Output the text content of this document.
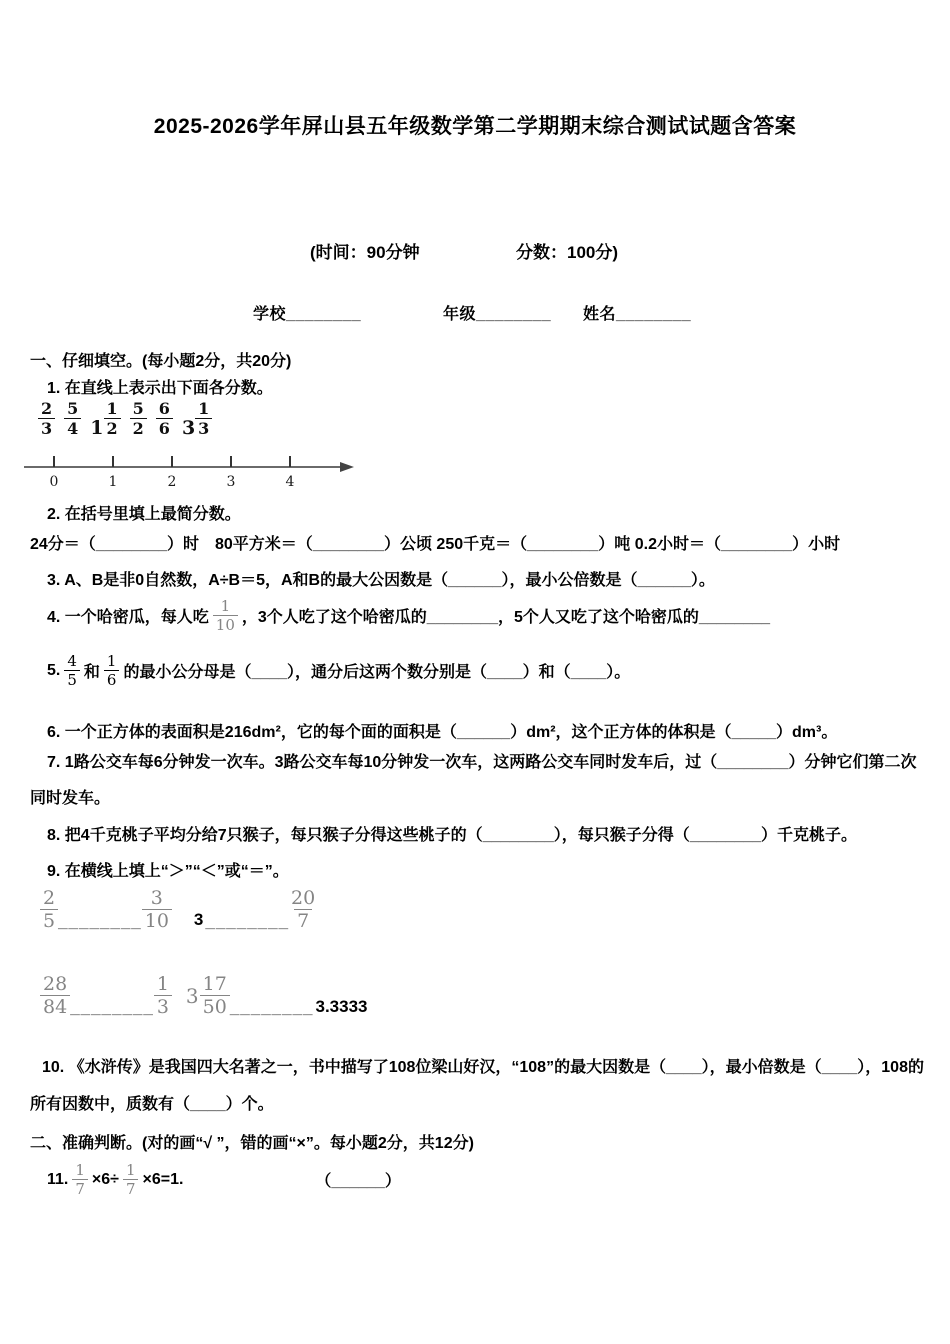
2025-2026学年屏山县五年级数学第二学期期末综合测试试题含答案
(时间：90分钟	分数：100分)
学校________	年级________ 姓名________
一、仔细填空。(每小题2分，共20分)
1. 在直线上表示出下面各分数。
$\frac{2}{3} \frac{5}{4} 1 \frac{1}{2} \frac{5}{2} \frac{6}{6} 3 \frac{1}{3}$
0	1	2	3	4
2. 在括号里填上最简分数。
24分＝（________）时　80平方米＝（________）公顷 250千克＝（________）吨 0.2小时＝（________）小时
3. A、B是非0自然数，A÷B＝5，A和B的最大公因数是（______），最小公倍数是（______）。
4. 一个哈密瓜，每人吃 $\frac{1}{10}$ ，3个人吃了这个哈密瓜的________，5个人又吃了这个哈密瓜的________
5. $\frac{4}{5}$ 和 $\frac{1}{6}$ 的最小公分母是（____），通分后这两个数分别是（____）和（____）。
6. 一个正方体的表面积是216dm²，它的每个面的面积是（______）dm²，这个正方体的体积是（_____）dm³。
7. 1路公交车每6分钟发一次车。3路公交车每10分钟发一次车，这两路公交车同时发车后，过（________）分钟它们第二次同时发车。
8. 把4千克桃子平均分给7只猴子，每只猴子分得这些桃子的（________），每只猴子分得（________）千克桃子。
9. 在横线上填上“＞”“＜”或“＝”。
$\frac{2}{5}$ ________ $\frac{3}{10} 3$ ________ $\frac{20}{7}$
$\frac{28}{84}$ ________ $\frac{1}{3} 3 \frac{17}{50}$ ________ 3.3333
10. 《水浒传》是我国四大名著之一，书中描写了108位梁山好汉，“108”的最大因数是（____），最小倍数是（____），108的所有因数中，质数有（____）个。
二、准确判断。(对的画“√ ”，错的画“×”。每小题2分，共12分)
11. $\frac{1}{7} \times 6\div \frac{1}{7} \times 6=1$.	（______）
